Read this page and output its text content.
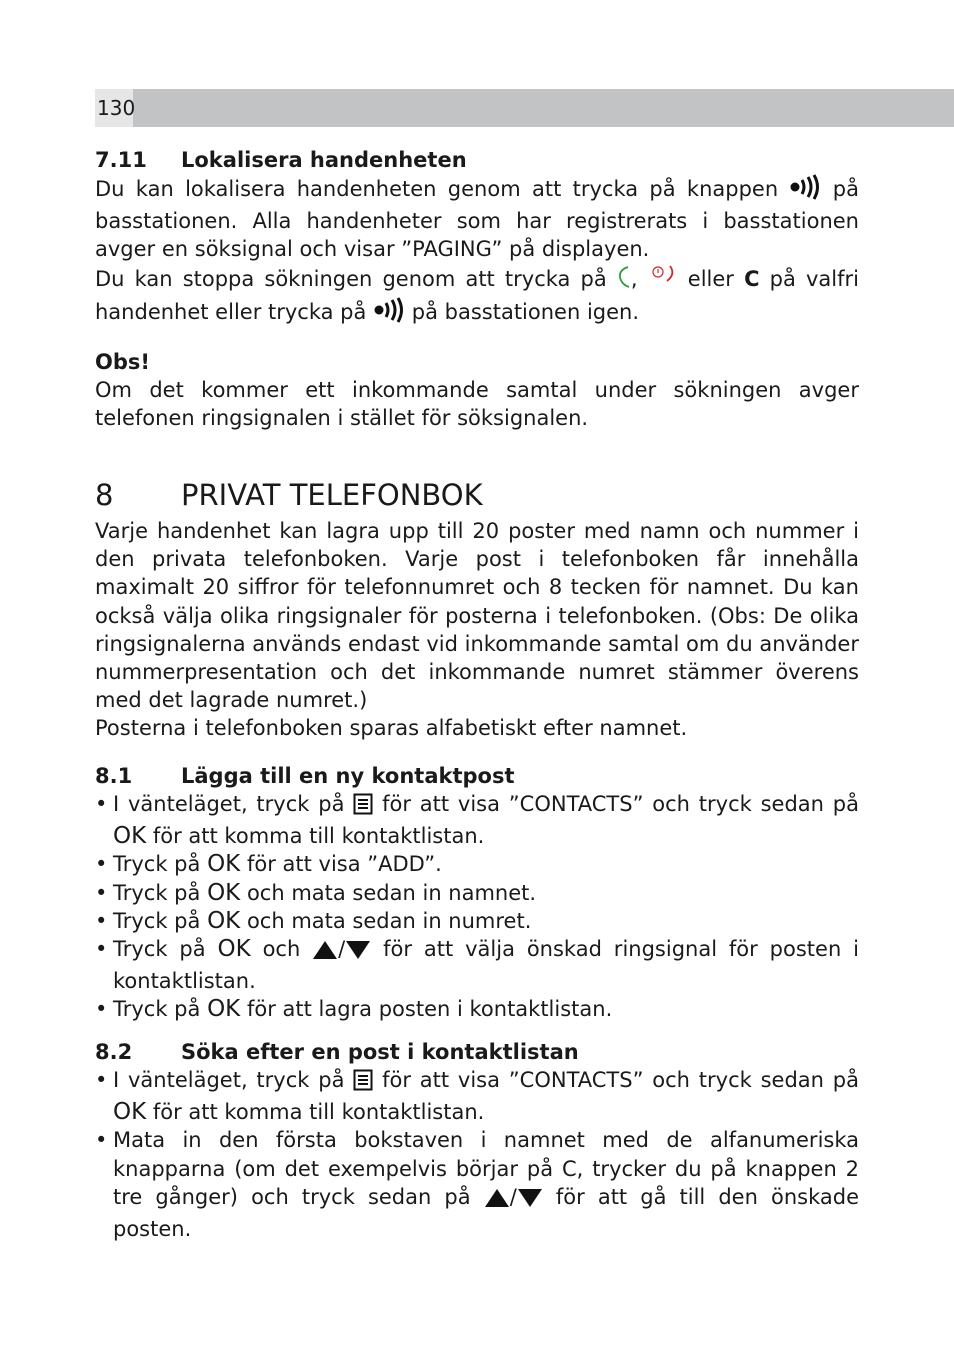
130
7.11	Lokalisera handenheten

Du kan lokalisera handenheten genom att trycka på knappen	på basstationen. Alla handenheter som har registrerats i basstationen avger en söksignal och visar ”PAGING” på displayen.

Du kan stoppa sökningen genom att trycka på , eller C på valfri handenhet eller trycka på på basstationen igen.

Obs!

Om det kommer ett inkommande samtal under sökningen avger telefonen ringsignalen i stället för söksignalen.

8	PRIVAT TELEFONBOK

Varje handenhet kan lagra upp till 20 poster med namn och nummer i den privata telefonboken. Varje post i telefonboken får innehålla maximalt 20 siffror för telefonnumret och 8 tecken för namnet. Du kan också välja olika ringsignaler för posterna i telefonboken. (Obs: De olika ringsignalerna används endast vid inkommande samtal om du använder nummerpresentation och det inkommande numret stämmer överens med det lagrade numret.)

Posterna i telefonboken sparas alfabetiskt efter namnet.

8.1	Lägga till en ny kontaktpost
• I vänteläget, tryck på för att visa ”CONTACTS” och tryck sedan på OK för att komma till kontaktlistan.
• Tryck på OK för att visa ”ADD”.
• Tryck på OK och mata sedan in namnet.
• Tryck på OK och mata sedan in numret.
• Tryck på OK och / för att välja önskad ringsignal för posten i kontaktlistan.
• Tryck på OK för att lagra posten i kontaktlistan.
8.2	Söka efter en post i kontaktlistan
• I vänteläget, tryck på för att visa ”CONTACTS” och tryck sedan på OK för att komma till kontaktlistan.
• Mata in den första bokstaven i namnet med de alfanumeriska knapparna (om det exempelvis börjar på C, trycker du på knappen 2 tre gånger) och tryck sedan på / för att gå till den önskade posten.
